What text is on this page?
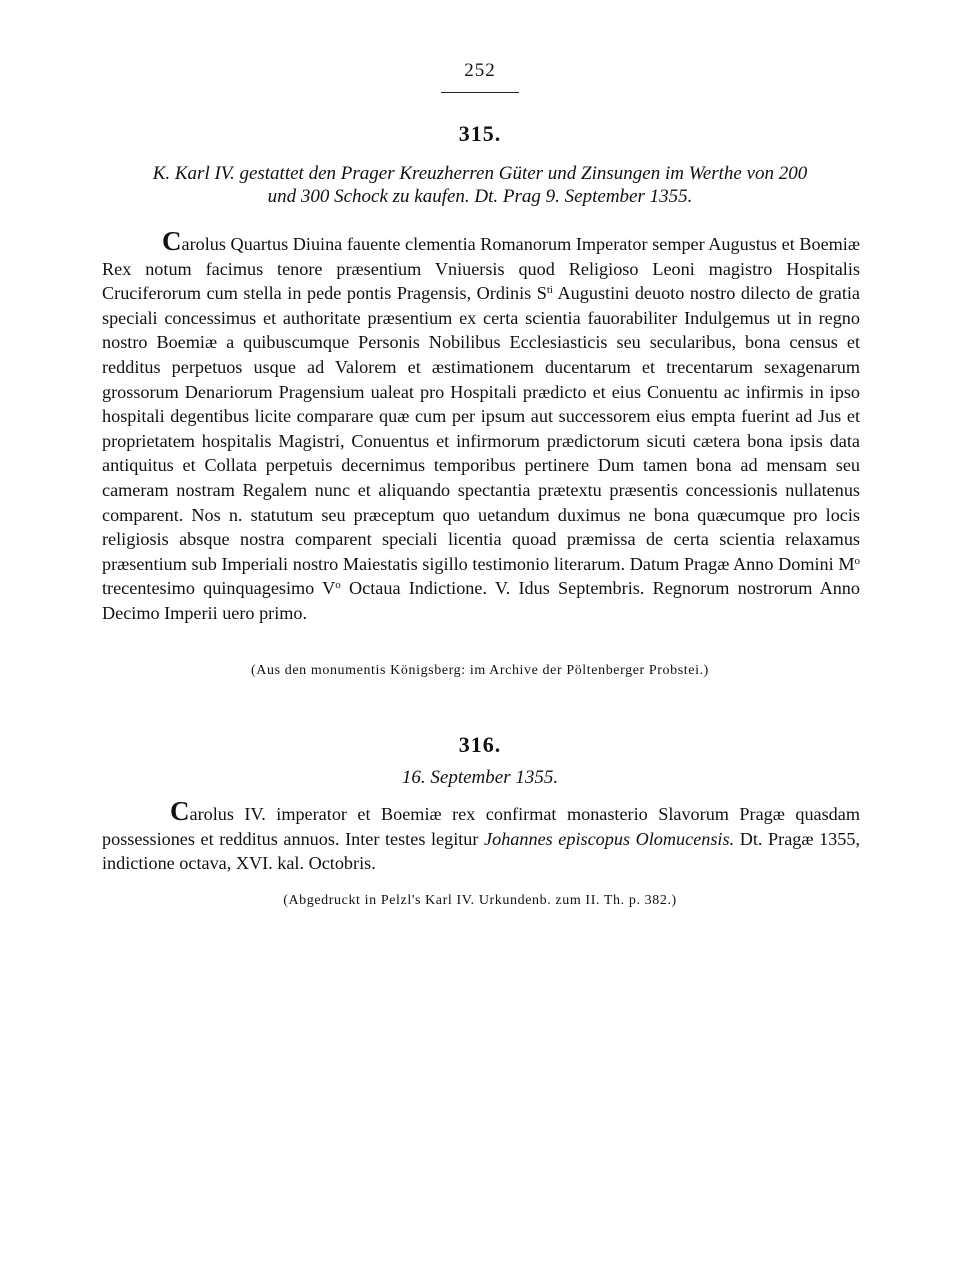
252
315.
K. Karl IV. gestattet den Prager Kreuzherren Güter und Zinsungen im Werthe von 200
und 300 Schock zu kaufen. Dt. Prag 9. September 1355.
Carolus Quartus Diuina fauente clementia Romanorum Imperator semper Augustus et Boemiæ Rex notum facimus tenore præsentium Vniuersis quod Religioso Leoni magistro Hospitalis Cruciferorum cum stella in pede pontis Pragensis, Ordinis $S^{ti}$ Augustini deuoto nostro dilecto de gratia speciali concessimus et authoritate præsentium ex certa scientia fauorabiliter Indulgemus ut in regno nostro Boemiæ a quibuscumque Personis Nobilibus Ecclesiasticis seu secularibus, bona census et redditus perpetuos usque ad Valorem et æstimationem ducentarum et trecentarum sexagenarum grossorum Denariorum Pragensium ualeat pro Hospitali prædicto et eius Conuentu ac infirmis in ipso hospitali degentibus licite comparare quæ cum per ipsum aut successorem eius empta fuerint ad Jus et proprietatem hospitalis Magistri, Conuentus et infirmorum prædictorum sicuti cætera bona ipsis data antiquitus et Collata perpetuis decernimus temporibus pertinere Dum tamen bona ad mensam seu cameram nostram Regalem nunc et aliquando spectantia prætextu præsentis concessionis nullatenus comparent. Nos n. statutum seu præceptum quo uetandum duximus ne bona quæcumque pro locis religiosis absque nostra comparent speciali licentia quoad præmissa de certa scientia relaxamus præsentium sub Imperiali nostro Maiestatis sigillo testimonio literarum. Datum Pragæ Anno Domini $M^o$ trecentesimo quinquagesimo $V^o$ Octaua Indictione. V. Idus Septembris. Regnorum nostrorum Anno Decimo Imperii uero primo.
(Aus den monumentis Königsberg: im Archive der Pöltenberger Probstei.)
316.
16. September 1355.
Carolus IV. imperator et Boemiæ rex confirmat monasterio Slavorum Pragæ quasdam possessiones et redditus annuos. Inter testes legitur Johannes episcopus Olomucensis. Dt. Pragæ 1355, indictione octava, XVI. kal. Octobris.
(Abgedruckt in Pelzl's Karl IV. Urkundenb. zum II. Th. p. 382.)
